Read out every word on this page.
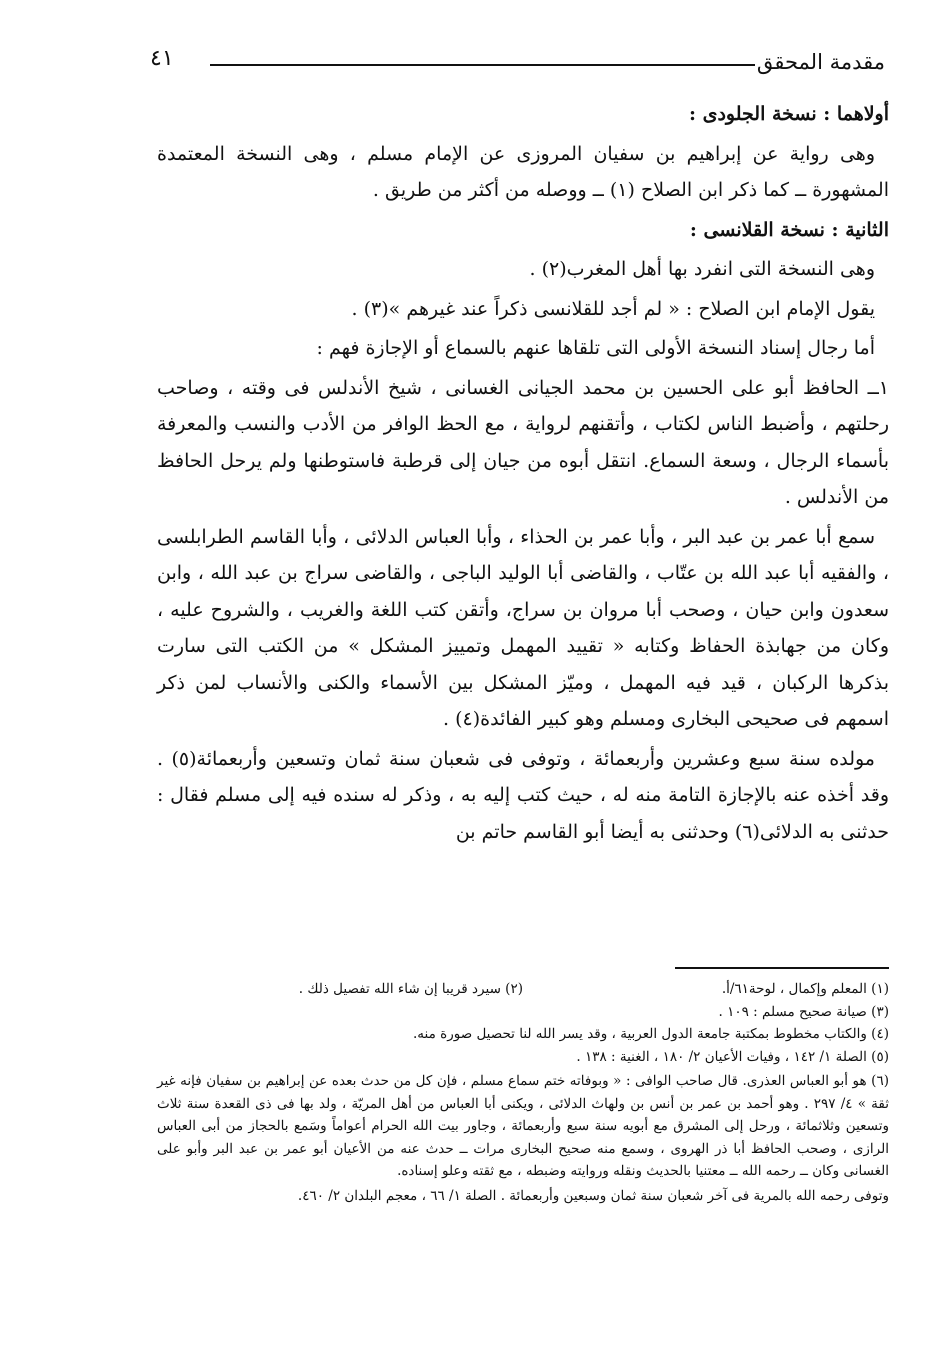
مقدمة المحقق
٤١

أولاهما : نسخة الجلودى :

وهى رواية عن إبراهيم بن سفيان المروزى عن الإمام مسلم ، وهى النسخة المعتمدة المشهورة ــ كما ذكر ابن الصلاح (١) ــ ووصله من أكثر من طريق .

الثانية : نسخة القلانسى :

وهى النسخة التى انفرد بها أهل المغرب(٢) .

يقول الإمام ابن الصلاح : « لم أجد للقلانسى ذكراً عند غيرهم »(٣) .

أما رجال إسناد النسخة الأولى التى تلقاها عنهم بالسماع أو الإجازة فهم :

١ــ الحافظ أبو على الحسين بن محمد الجيانى الغسانى ، شيخ الأندلس فى وقته ، وصاحب رحلتهم ، وأضبط الناس لكتاب ، وأتقنهم لرواية ، مع الحظ الوافر من الأدب والنسب والمعرفة بأسماء الرجال ، وسعة السماع. انتقل أبوه من جيان إلى قرطبة فاستوطنها ولم يرحل الحافظ من الأندلس .

سمع أبا عمر بن عبد البر ، وأبا عمر بن الحذاء ، وأبا العباس الدلائى ، وأبا القاسم الطرابلسى ، والفقيه أبا عبد الله بن عتّاب ، والقاضى أبا الوليد الباجى ، والقاضى سراج بن عبد الله ، وابن سعدون وابن حيان ، وصحب أبا مروان بن سراج، وأتقن كتب اللغة والغريب ، والشروح عليه ، وكان من جهابذة الحفاظ وكتابه « تقييد المهمل وتمييز المشكل » من الكتب التى سارت بذكرها الركبان ، قيد فيه المهمل ، وميّز المشكل بين الأسماء والكنى والأنساب لمن ذكر اسمهم فى صحيحى البخارى ومسلم وهو كبير الفائدة(٤) .

مولده سنة سبع وعشرين وأربعمائة ، وتوفى فى شعبان سنة ثمان وتسعين وأربعمائة(٥) . وقد أخذه عنه بالإجازة التامة منه له ، حيث كتب إليه به ، وذكر له سنده فيه إلى مسلم فقال : حدثنى به الدلائى(٦) وحدثنى به أيضا أبو القاسم حاتم بن

(١) المعلم وإكمال ، لوحة٦١/أ.
(٢) سيرد قريبا إن شاء الله تفصيل ذلك .

(٣) صيانة صحيح مسلم : ١٠٩ .

(٤) والكتاب مخطوط بمكتبة جامعة الدول العربية ، وقد يسر الله لنا تحصيل صورة منه.

(٥) الصلة ١/ ١٤٢ ، وفيات الأعيان ٢/ ١٨٠ ، الغنية : ١٣٨ .

(٦) هو أبو العباس العذرى. قال صاحب الوافى : « وبوفاته ختم سماع مسلم ، فإن كل من حدث بعده عن إبراهيم بن سفيان فإنه غير ثقة » ٤/ ٢٩٧ . وهو أحمد بن عمر بن أنس بن ولهاث الدلائى ، ويكنى أبا العباس من أهل المريّة ، ولد بها فى ذى القعدة سنة ثلاث وتسعين وثلاثمائة ، ورحل إلى المشرق مع أبويه سنة سبع وأربعمائة ، وجاور بيت الله الحرام أعواماً وسَمع بالحجاز من أبى العباس الرازى ، وصحب الحافظ أبا ذر الهروى ، وسمع منه صحيح البخارى مرات ــ حدث عنه من الأعيان أبو عمر بن عبد البر وأبو على الغسانى وكان ــ رحمه الله ــ معتنيا بالحديث ونقله وروايته وضبطه ، مع ثقته وعلو إسناده.

وتوفى رحمه الله بالمرية فى آخر شعبان سنة ثمان وسبعين وأربعمائة . الصلة ١/ ٦٦ ، معجم البلدان ٢/ ٤٦٠.
